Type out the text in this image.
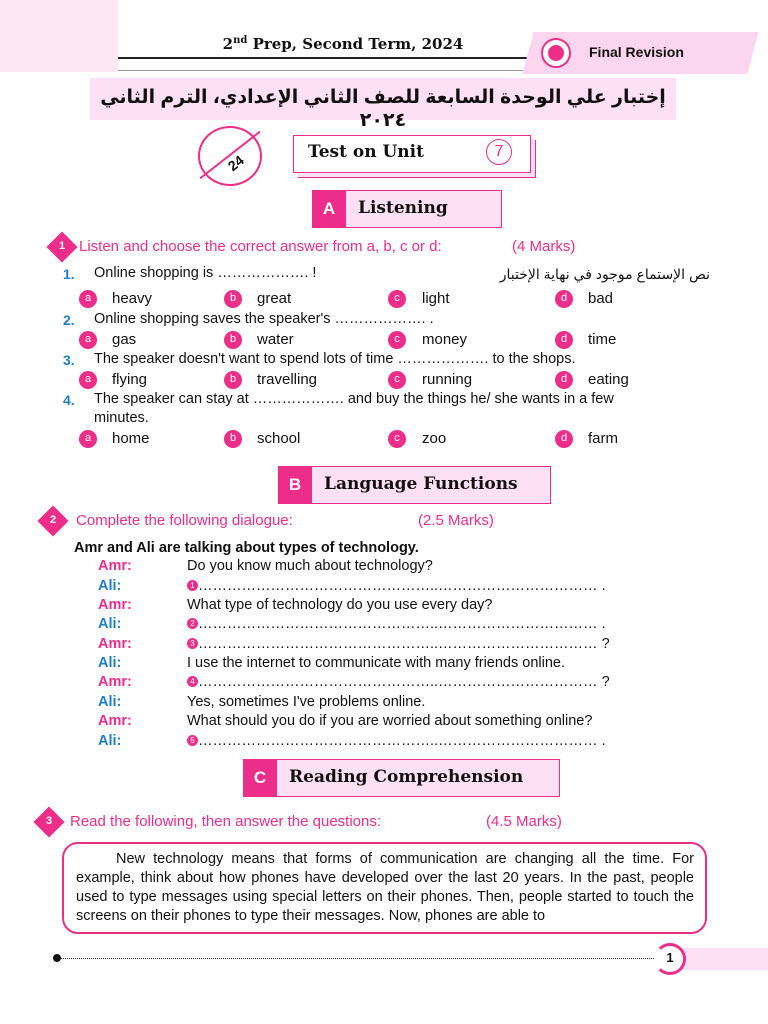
2nd Prep, Second Term, 2024	Final Revision
إختبار علي الوحدة السابعة للصف الثاني الإعدادي، الترم الثاني ٢٠٢٤
24	Test on Unit	7
A	Listening
1 Listen and choose the correct answer from a, b, c or d:	(4 Marks)
نص الإستماع موجود في نهاية الإختبار
1. Online shopping is ………………. !
a	heavy	b	great	c	light	d	bad
2. Online shopping saves the speaker's ………………. .
a	gas	b	water	c	money	d	time
3. The speaker doesn't want to spend lots of time ………………. to the shops.
a	flying	b	travelling	c	running	d	eating
4. The speaker can stay at ………………. and buy the things he/ she wants in a few
minutes.
a	home	b	school	c	zoo	d	farm
B	Language Functions
2	Complete the following dialogue:	(2.5 Marks)
Amr and Ali are talking about types of technology.
Amr:	Do you know much about technology?
Ali:	1 …………………………………………..…………………………… .
Amr:	What type of technology do you use every day?
Ali:	2 …………………………………………..…………………………… .
Amr:	3 …………………………………………..…………………………… ?
Ali:	I use the internet to communicate with many friends online.
Amr:	4 …………………………………………..…………………………… ?
Ali:	Yes, sometimes I've problems online.
Amr:	What should you do if you are worried about something online?
Ali:	5 …………………………………………..…………………………… .
C	Reading Comprehension
3	Read the following, then answer the questions:	(4.5 Marks)
New technology means that forms of communication are changing all the time. For example, think about how phones have developed over the last 20 years. In the past, people used to type messages using special letters on their phones. Then, people started to touch the screens on their phones to type their messages. Now, phones are able to
1
